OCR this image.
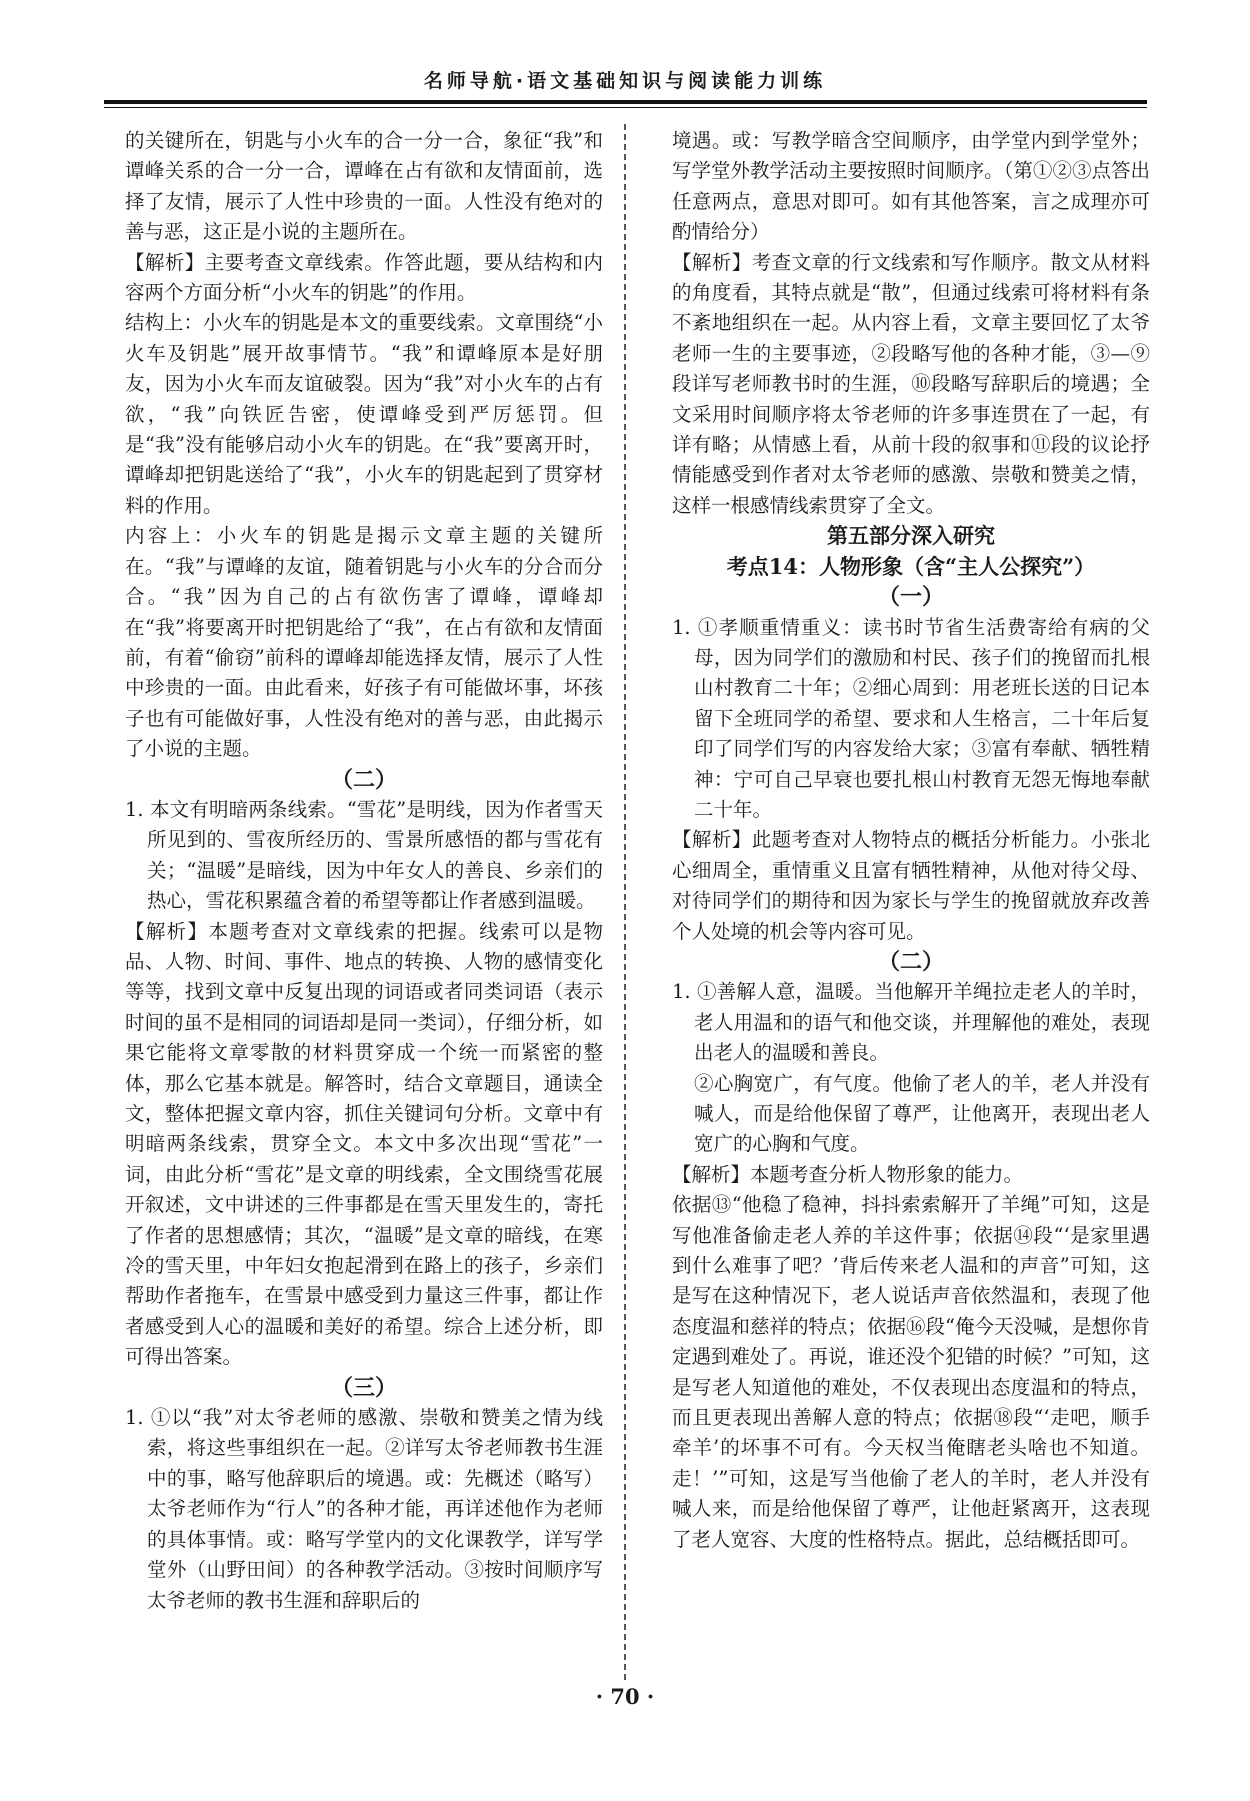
名师导航·语文基础知识与阅读能力训练

的关键所在，钥匙与小火车的合一分一合，象征“我”和谭峰关系的合一分一合，谭峰在占有欲和友情面前，选择了友情，展示了人性中珍贵的一面。人性没有绝对的善与恶，这正是小说的主题所在。

【解析】主要考查文章线索。作答此题，要从结构和内容两个方面分析“小火车的钥匙”的作用。

结构上：小火车的钥匙是本文的重要线索。文章围绕“小火车及钥匙”展开故事情节。“我”和谭峰原本是好朋友，因为小火车而友谊破裂。因为“我”对小火车的占有欲，“我”向铁匠告密，使谭峰受到严厉惩罚。但是“我”没有能够启动小火车的钥匙。在“我”要离开时，谭峰却把钥匙送给了“我”，小火车的钥匙起到了贯穿材料的作用。

内容上：小火车的钥匙是揭示文章主题的关键所在。“我”与谭峰的友谊，随着钥匙与小火车的分合而分合。“我”因为自己的占有欲伤害了谭峰，谭峰却在“我”将要离开时把钥匙给了“我”，在占有欲和友情面前，有着“偷窃”前科的谭峰却能选择友情，展示了人性中珍贵的一面。由此看来，好孩子有可能做坏事，坏孩子也有可能做好事，人性没有绝对的善与恶，由此揭示了小说的主题。

（二）

1. 本文有明暗两条线索。“雪花”是明线，因为作者雪天所见到的、雪夜所经历的、雪景所感悟的都与雪花有关；“温暖”是暗线，因为中年女人的善良、乡亲们的热心，雪花积累蕴含着的希望等都让作者感到温暖。

【解析】本题考查对文章线索的把握。线索可以是物品、人物、时间、事件、地点的转换、人物的感情变化等等，找到文章中反复出现的词语或者同类词语（表示时间的虽不是相同的词语却是同一类词），仔细分析，如果它能将文章零散的材料贯穿成一个统一而紧密的整体，那么它基本就是。解答时，结合文章题目，通读全文，整体把握文章内容，抓住关键词句分析。文章中有明暗两条线索，贯穿全文。本文中多次出现“雪花”一词，由此分析“雪花”是文章的明线索，全文围绕雪花展开叙述，文中讲述的三件事都是在雪天里发生的，寄托了作者的思想感情；其次，“温暖”是文章的暗线，在寒冷的雪天里，中年妇女抱起滑到在路上的孩子，乡亲们帮助作者拖车，在雪景中感受到力量这三件事，都让作者感受到人心的温暖和美好的希望。综合上述分析，即可得出答案。

（三）

1. ①以“我”对太爷老师的感激、崇敬和赞美之情为线索，将这些事组织在一起。②详写太爷老师教书生涯中的事，略写他辞职后的境遇。或：先概述（略写）太爷老师作为“行人”的各种才能，再详述他作为老师的具体事情。或：略写学堂内的文化课教学，详写学堂外（山野田间）的各种教学活动。③按时间顺序写太爷老师的教书生涯和辞职后的

境遇。或：写教学暗含空间顺序，由学堂内到学堂外；写学堂外教学活动主要按照时间顺序。（第①②③点答出任意两点，意思对即可。如有其他答案，言之成理亦可酌情给分）

【解析】考查文章的行文线索和写作顺序。散文从材料的角度看，其特点就是“散”，但通过线索可将材料有条不紊地组织在一起。从内容上看，文章主要回忆了太爷老师一生的主要事迹，②段略写他的各种才能，③—⑨段详写老师教书时的生涯，⑩段略写辞职后的境遇；全文采用时间顺序将太爷老师的许多事连贯在了一起，有详有略；从情感上看，从前十段的叙事和⑪段的议论抒情能感受到作者对太爷老师的感激、崇敬和赞美之情，这样一根感情线索贯穿了全文。

第五部分深入研究

考点14：人物形象（含“主人公探究”）

（一）

1. ①孝顺重情重义：读书时节省生活费寄给有病的父母，因为同学们的激励和村民、孩子们的挽留而扎根山村教育二十年；②细心周到：用老班长送的日记本留下全班同学的希望、要求和人生格言，二十年后复印了同学们写的内容发给大家；③富有奉献、牺牲精神：宁可自己早衰也要扎根山村教育无怨无悔地奉献二十年。

【解析】此题考查对人物特点的概括分析能力。小张北心细周全，重情重义且富有牺牲精神，从他对待父母、对待同学们的期待和因为家长与学生的挽留就放弃改善个人处境的机会等内容可见。

（二）

1. ①善解人意，温暖。当他解开羊绳拉走老人的羊时，老人用温和的语气和他交谈，并理解他的难处，表现出老人的温暖和善良。

②心胸宽广，有气度。他偷了老人的羊，老人并没有喊人，而是给他保留了尊严，让他离开，表现出老人宽广的心胸和气度。

【解析】本题考查分析人物形象的能力。

依据⑬“他稳了稳神，抖抖索索解开了羊绳”可知，这是写他准备偷走老人养的羊这件事；依据⑭段“‘是家里遇到什么难事了吧？’背后传来老人温和的声音”可知，这是写在这种情况下，老人说话声音依然温和，表现了他态度温和慈祥的特点；依据⑯段“俺今天没喊，是想你肯定遇到难处了。再说，谁还没个犯错的时候？”可知，这是写老人知道他的难处，不仅表现出态度温和的特点，而且更表现出善解人意的特点；依据⑱段“‘走吧，顺手牵羊’的坏事不可有。今天权当俺瞎老头啥也不知道。走！’”可知，这是写当他偷了老人的羊时，老人并没有喊人来，而是给他保留了尊严，让他赶紧离开，这表现了老人宽容、大度的性格特点。据此，总结概括即可。

· 70 ·
